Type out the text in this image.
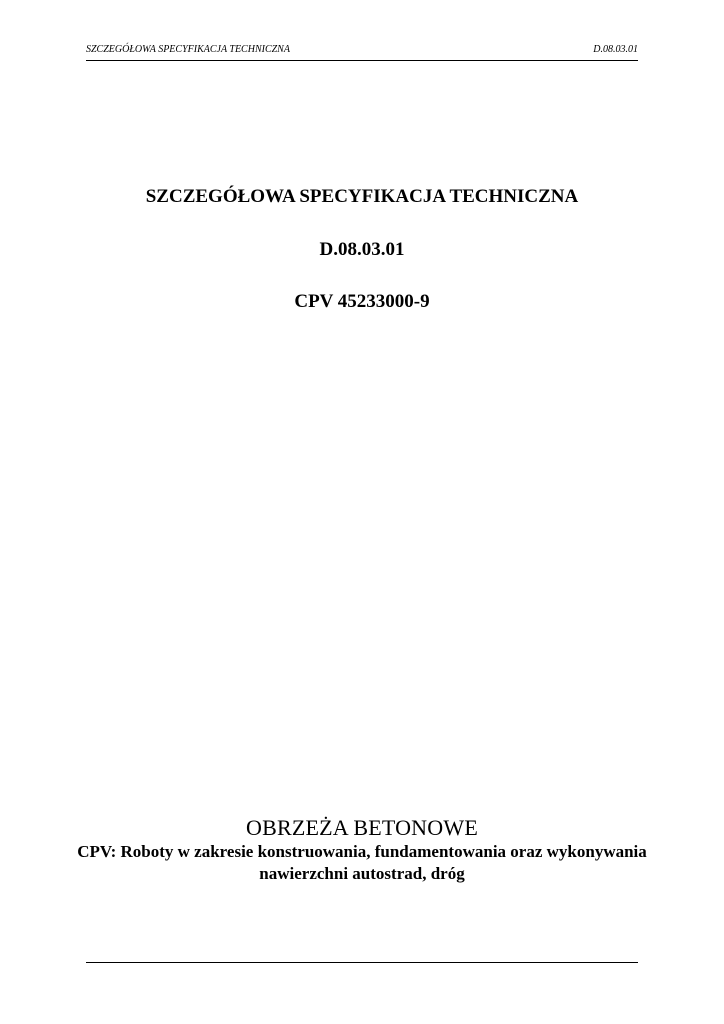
SZCZEGÓŁOWA SPECYFIKACJA TECHNICZNA	D.08.03.01
SZCZEGÓŁOWA SPECYFIKACJA TECHNICZNA
D.08.03.01
CPV 45233000-9
OBRZEŻA BETONOWE
CPV: Roboty w zakresie konstruowania, fundamentowania oraz wykonywania nawierzchni autostrad, dróg
